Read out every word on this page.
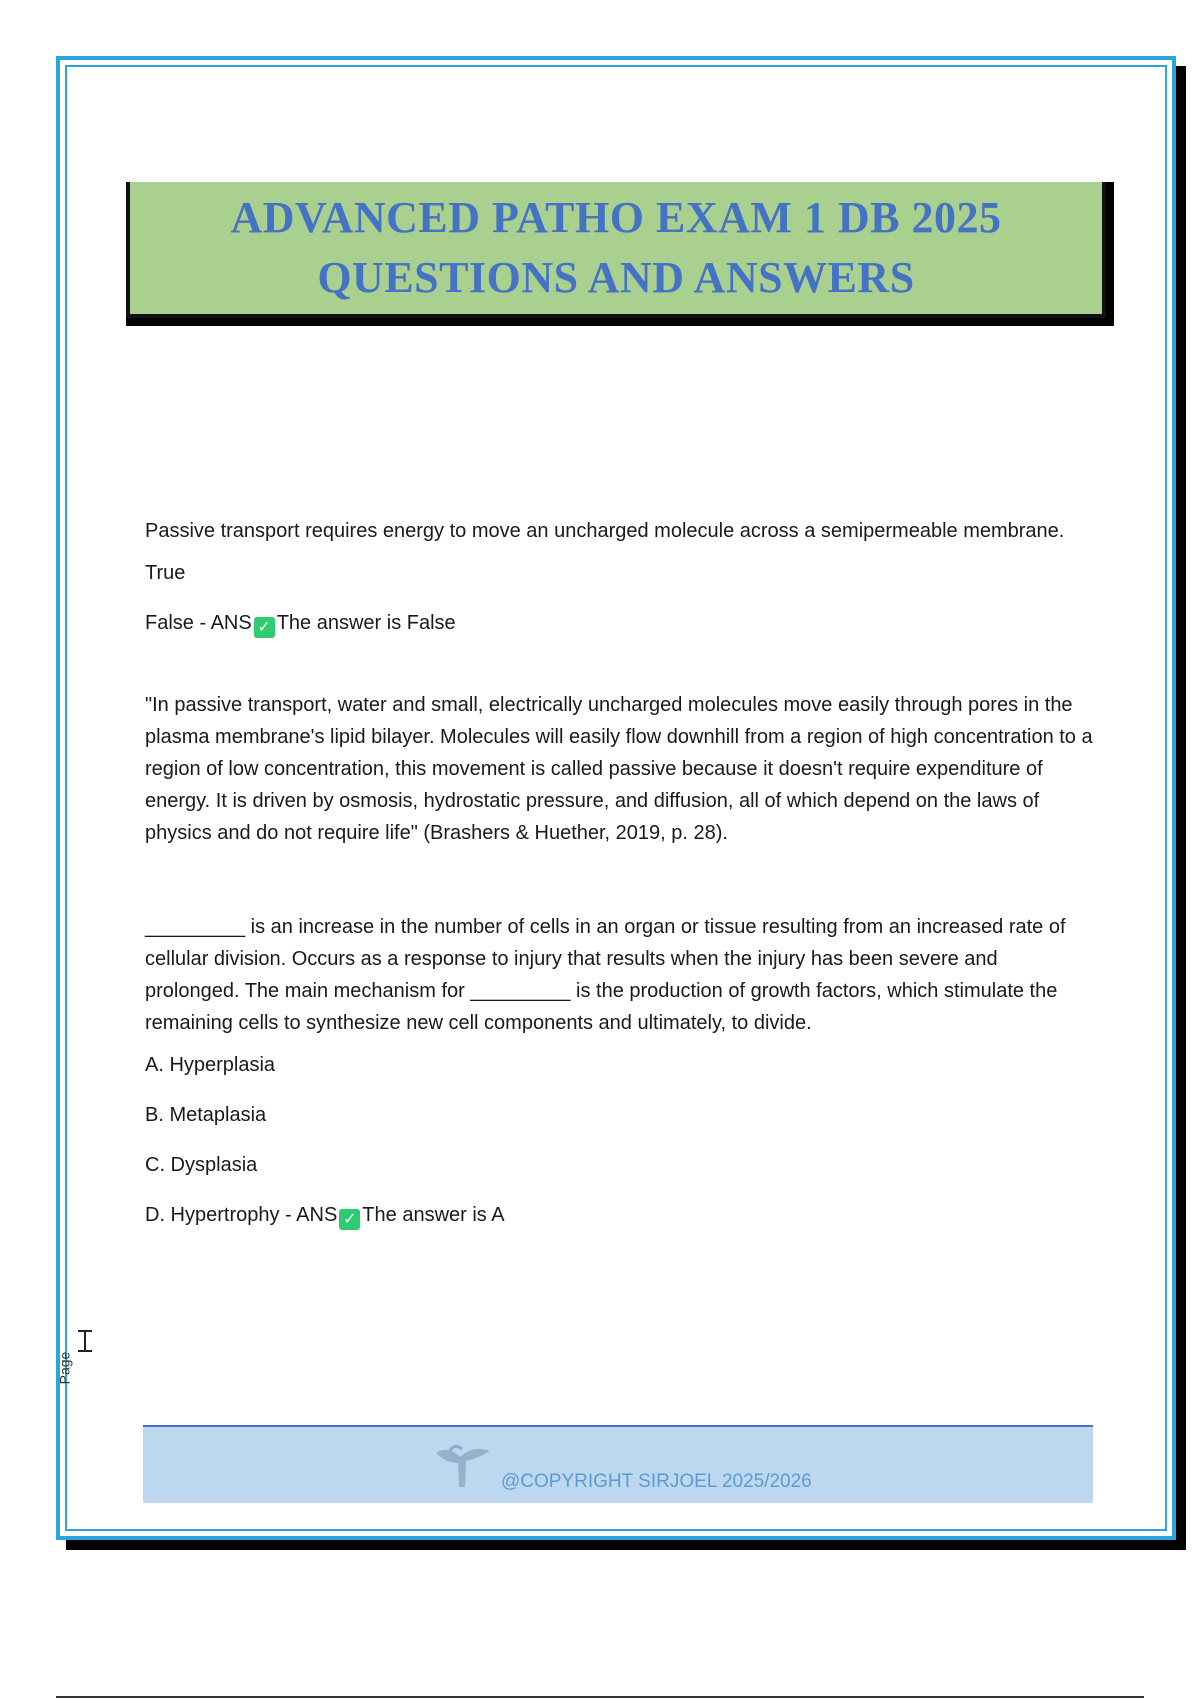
ADVANCED PATHO EXAM 1 DB 2025
QUESTIONS AND ANSWERS

Passive transport requires energy to move an uncharged molecule across a semipermeable membrane.

True

False - ANS ✓ The answer is False

"In passive transport, water and small, electrically uncharged molecules move easily through pores in the plasma membrane's lipid bilayer. Molecules will easily flow downhill from a region of high concentration to a region of low concentration, this movement is called passive because it doesn't require expenditure of energy. It is driven by osmosis, hydrostatic pressure, and diffusion, all of which depend on the laws of physics and do not require life" (Brashers & Huether, 2019, p. 28).

_________ is an increase in the number of cells in an organ or tissue resulting from an increased rate of cellular division. Occurs as a response to injury that results when the injury has been severe and prolonged. The main mechanism for _________ is the production of growth factors, which stimulate the remaining cells to synthesize new cell components and ultimately, to divide.

A. Hyperplasia

B. Metaplasia

C. Dysplasia

D. Hypertrophy - ANS ✓ The answer is A

Page
@COPYRIGHT SIRJOEL 2025/2026
